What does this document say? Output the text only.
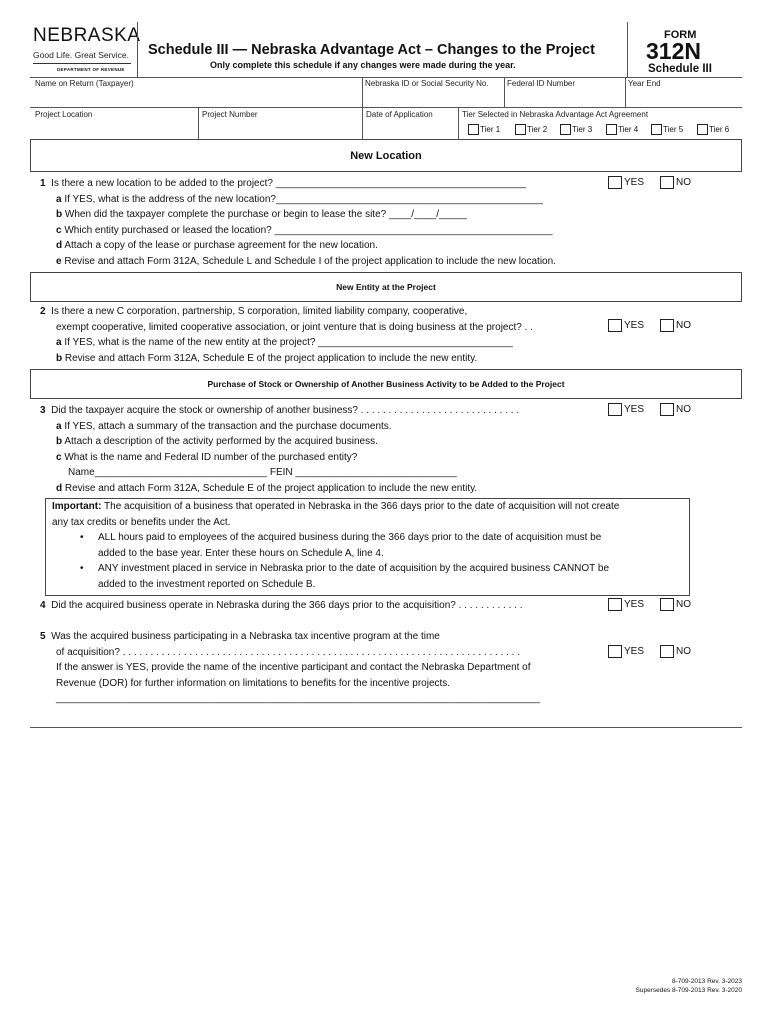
NEBRASKA
Good Life. Great Service.
DEPARTMENT OF REVENUE
Schedule III — Nebraska Advantage Act – Changes to the Project
Only complete this schedule if any changes were made during the year.
FORM
312N
Schedule III
Name on Return (Taxpayer)	Nebraska ID or Social Security No. Federal ID Number	Year End
Project Location	Project Number	Date of Application	Tier Selected in Nebraska Advantage Act Agreement
Tier 1	Tier 2	Tier 3	Tier 4	Tier 5	Tier 6
New Location
1 Is there a new location to be added to the project? _____________________________________________
a If YES, what is the address of the new location?________________________________________________
b When did the taxpayer complete the purchase or begin to lease the site? ____/____/_____
c Which entity purchased or leased the location? __________________________________________________
d Attach a copy of the lease or purchase agreement for the new location.
e Revise and attach Form 312A, Schedule L and Schedule I of the project application to include the new location.
YES	NO
New Entity at the Project
2 Is there a new C corporation, partnership, S corporation, limited liability company, cooperative,
exempt cooperative, limited cooperative association, or joint venture that is doing business at the project? . .
a If YES, what is the name of the new entity at the project? ___________________________________
b Revise and attach Form 312A, Schedule E of the project application to include the new entity.
YES	NO
Purchase of Stock or Ownership of Another Business Activity to be Added to the Project
3 Did the taxpayer acquire the stock or ownership of another business? . . . . . . . . . . . . . . . . . . . . . . . . . . . . .
a If YES, attach a summary of the transaction and the purchase documents.
b Attach a description of the activity performed by the acquired business.
c What is the name and Federal ID number of the purchased entity?
Name_______________________________ FEIN _____________________________
d Revise and attach Form 312A, Schedule E of the project application to include the new entity.
YES	NO
Important: The acquisition of a business that operated in Nebraska in the 366 days prior to the date of acquisition will not create
any tax credits or benefits under the Act.
• ALL hours paid to employees of the acquired business during the 366 days prior to the date of acquisition must be
added to the base year. Enter these hours on Schedule A, line 4.
• ANY investment placed in service in Nebraska prior to the date of acquisition by the acquired business CANNOT be
added to the investment reported on Schedule B.
4 Did the acquired business operate in Nebraska during the 366 days prior to the acquisition? . . . . . . . . . . . .	YES	NO
5 Was the acquired business participating in a Nebraska tax incentive program at the time
of acquisition? . . . . . . . . . . . . . . . . . . . . . . . . . . . . . . . . . . . . . . . . . . . . . . . . . . . . . . . . . . . . . . . . . . . . . . . .
If the answer is YES, provide the name of the incentive participant and contact the Nebraska Department of
Revenue (DOR) for further information on limitations to benefits for the incentive projects.
_______________________________________________________________________________________
YES	NO
8-709-2013 Rev. 3-2023
Supersedes 8-709-2013 Rev. 3-2020
